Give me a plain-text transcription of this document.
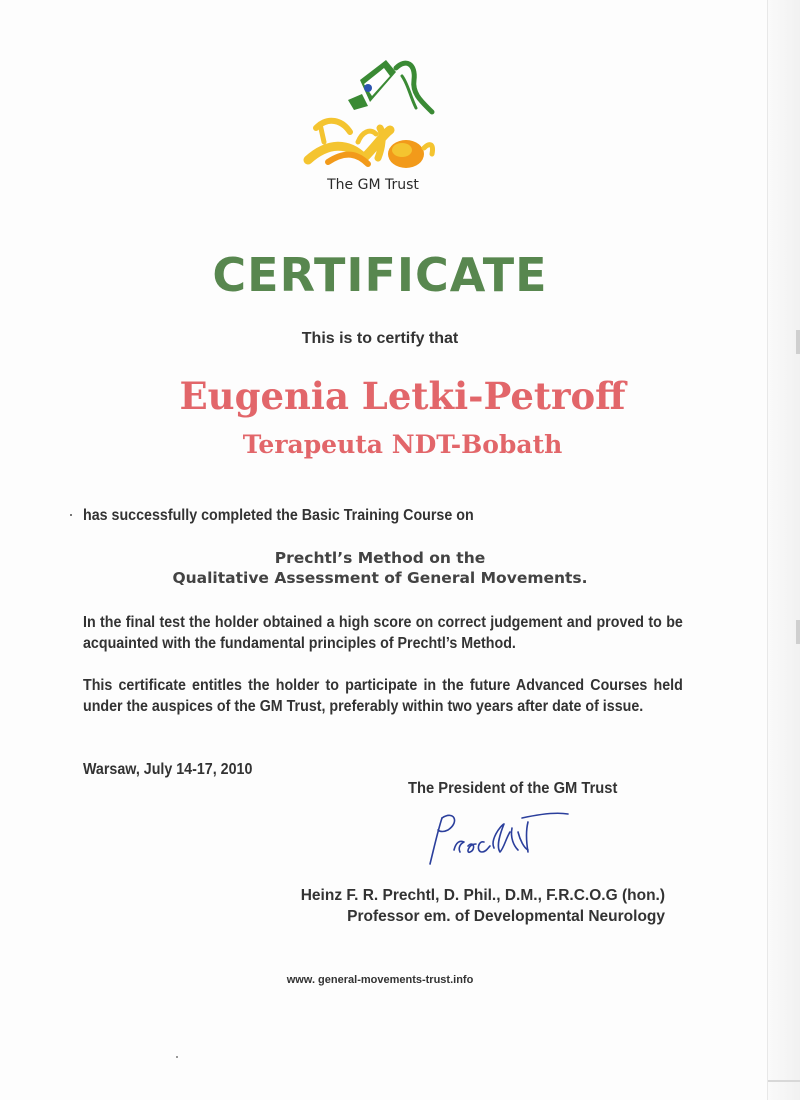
The GM Trust
CERTIFICATE
This is to certify that
Eugenia Letki-Petroff
Terapeuta NDT-Bobath
has successfully completed the Basic Training Course on
Prechtl’s Method on the
Qualitative Assessment of General Movements.
In the final test the holder obtained a high score on correct judgement and proved to be acquainted with the fundamental principles of Prechtl’s Method.
This certificate entitles the holder to participate in the future Advanced Courses held under the auspices of the GM Trust, preferably within two years after date of issue.
Warsaw, July 14-17, 2010
The President of the GM Trust
Heinz F. R. Prechtl, D. Phil., D.M., F.R.C.O.G (hon.)
Professor em. of Developmental Neurology
www. general-movements-trust.info
